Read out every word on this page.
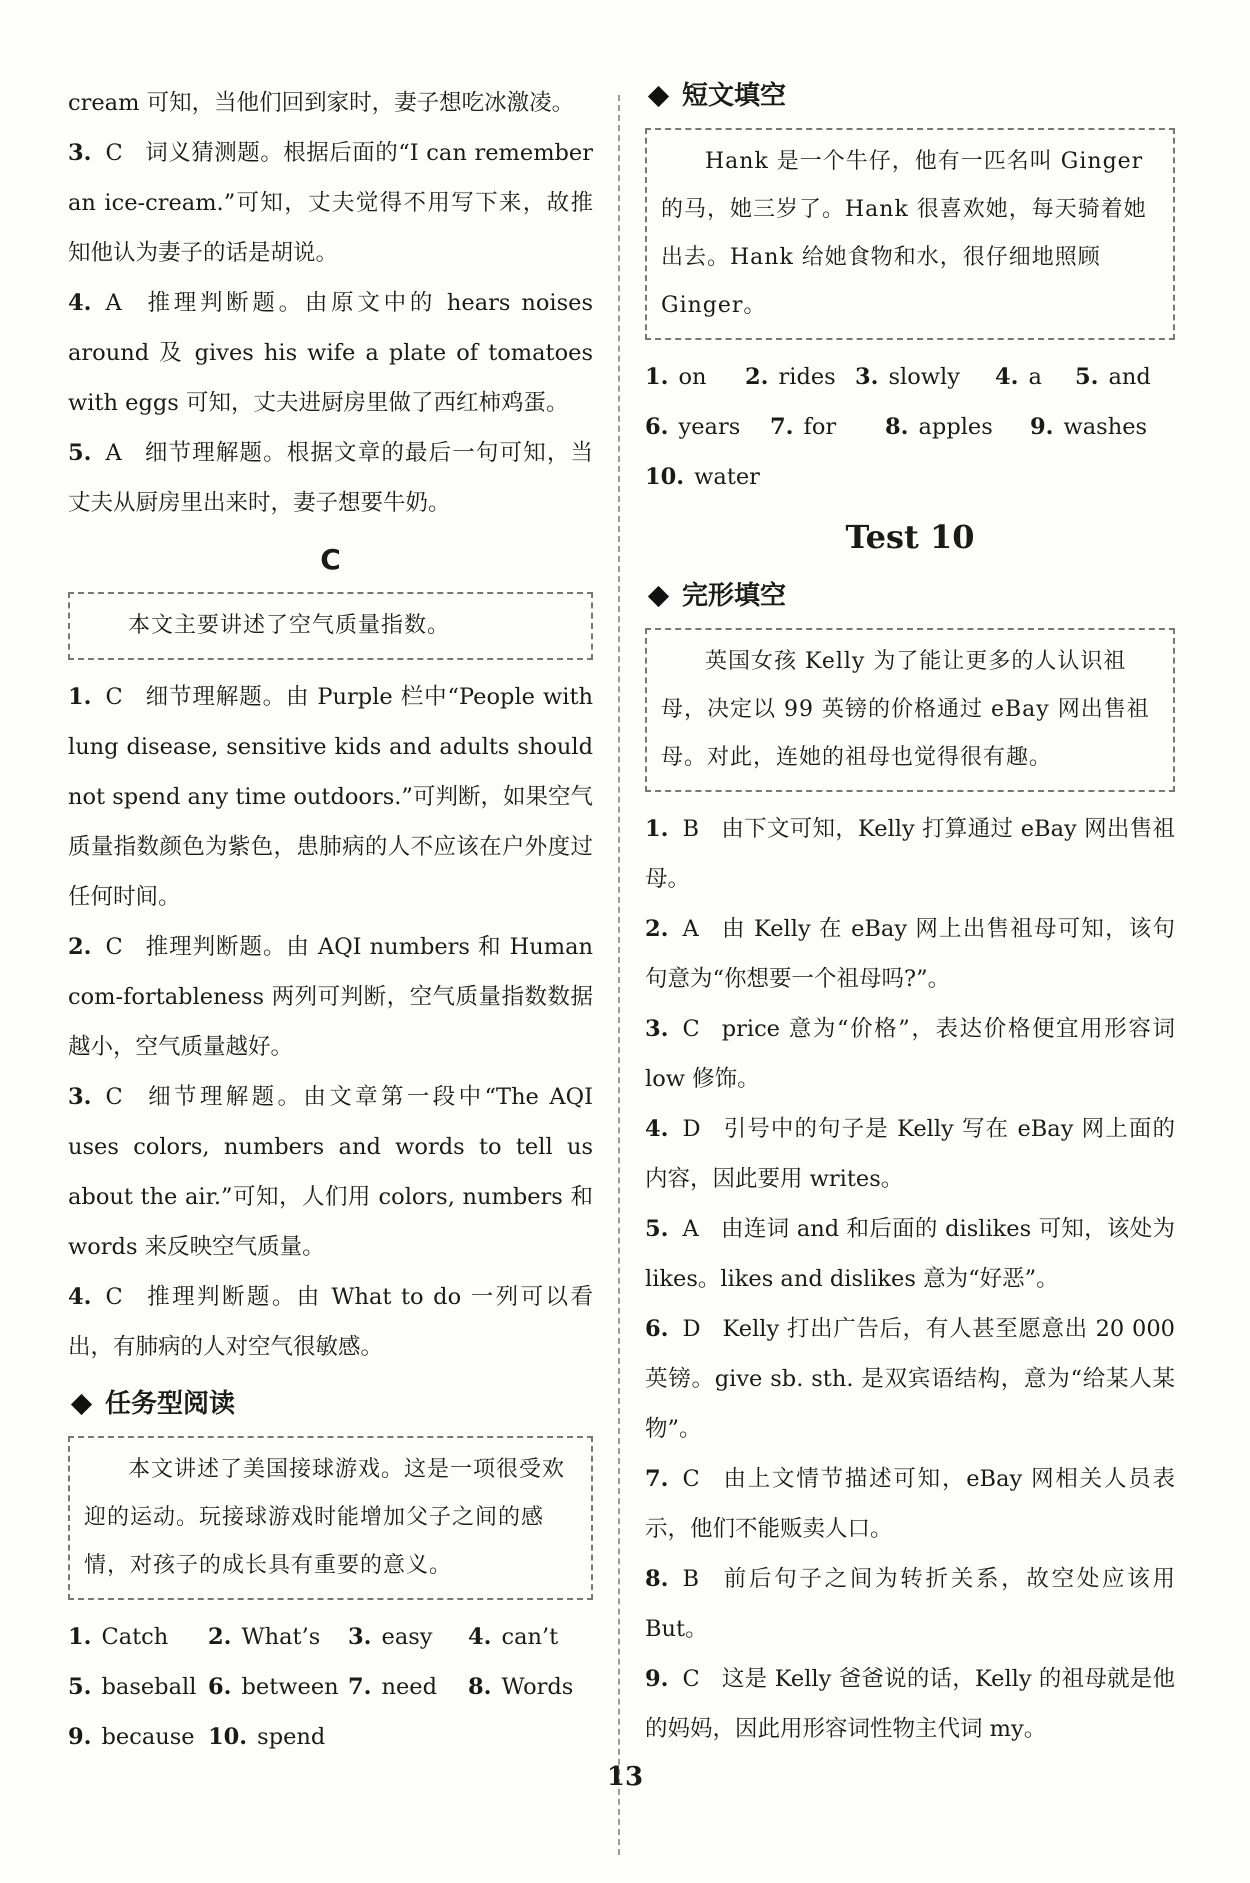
cream 可知，当他们回到家时，妻子想吃冰激凌。

3. C 词义猜测题。根据后面的“I can remember an ice-cream.”可知，丈夫觉得不用写下来，故推知他认为妻子的话是胡说。

4. A 推理判断题。由原文中的 hears noises around 及 gives his wife a plate of tomatoes with eggs 可知，丈夫进厨房里做了西红柿鸡蛋。

5. A 细节理解题。根据文章的最后一句可知，当丈夫从厨房里出来时，妻子想要牛奶。

C
本文主要讲述了空气质量指数。

1. C 细节理解题。由 Purple 栏中“People with lung disease, sensitive kids and adults should not spend any time outdoors.”可判断，如果空气质量指数颜色为紫色，患肺病的人不应该在户外度过任何时间。

2. C 推理判断题。由 AQI numbers 和 Human com-fortableness 两列可判断，空气质量指数数据越小，空气质量越好。

3. C 细节理解题。由文章第一段中“The AQI uses colors, numbers and words to tell us about the air.”可知，人们用 colors, numbers 和 words 来反映空气质量。

4. C 推理判断题。由 What to do 一列可以看出，有肺病的人对空气很敏感。

任务型阅读
本文讲述了美国接球游戏。这是一项很受欢迎的运动。玩接球游戏时能增加父子之间的感情，对孩子的成长具有重要的意义。
1. Catch	2. What’s	3. easy	4. can’t
5. baseball 6. between 7. need	8. Words
9. because 10. spend
短文填空
Hank 是一个牛仔，他有一匹名叫 Ginger 的马，她三岁了。Hank 很喜欢她，每天骑着她出去。Hank 给她食物和水，很仔细地照顾 Ginger。
1. on	2. rides 3. slowly	4. a	5. and
6. years	7. for	8. apples	9. washes
10. water
Test 10
完形填空
英国女孩 Kelly 为了能让更多的人认识祖母，决定以 99 英镑的价格通过 eBay 网出售祖母。对此，连她的祖母也觉得很有趣。

1. B 由下文可知，Kelly 打算通过 eBay 网出售祖母。

2. A 由 Kelly 在 eBay 网上出售祖母可知，该句句意为“你想要一个祖母吗?”。

3. C price 意为“价格”，表达价格便宜用形容词 low 修饰。

4. D 引号中的句子是 Kelly 写在 eBay 网上面的内容，因此要用 writes。

5. A 由连词 and 和后面的 dislikes 可知，该处为 likes。likes and dislikes 意为“好恶”。

6. D Kelly 打出广告后，有人甚至愿意出 20 000 英镑。give sb. sth. 是双宾语结构，意为“给某人某物”。

7. C 由上文情节描述可知，eBay 网相关人员表示，他们不能贩卖人口。

8. B 前后句子之间为转折关系，故空处应该用 But。

9. C 这是 Kelly 爸爸说的话，Kelly 的祖母就是他的妈妈，因此用形容词性物主代词 my。

13
